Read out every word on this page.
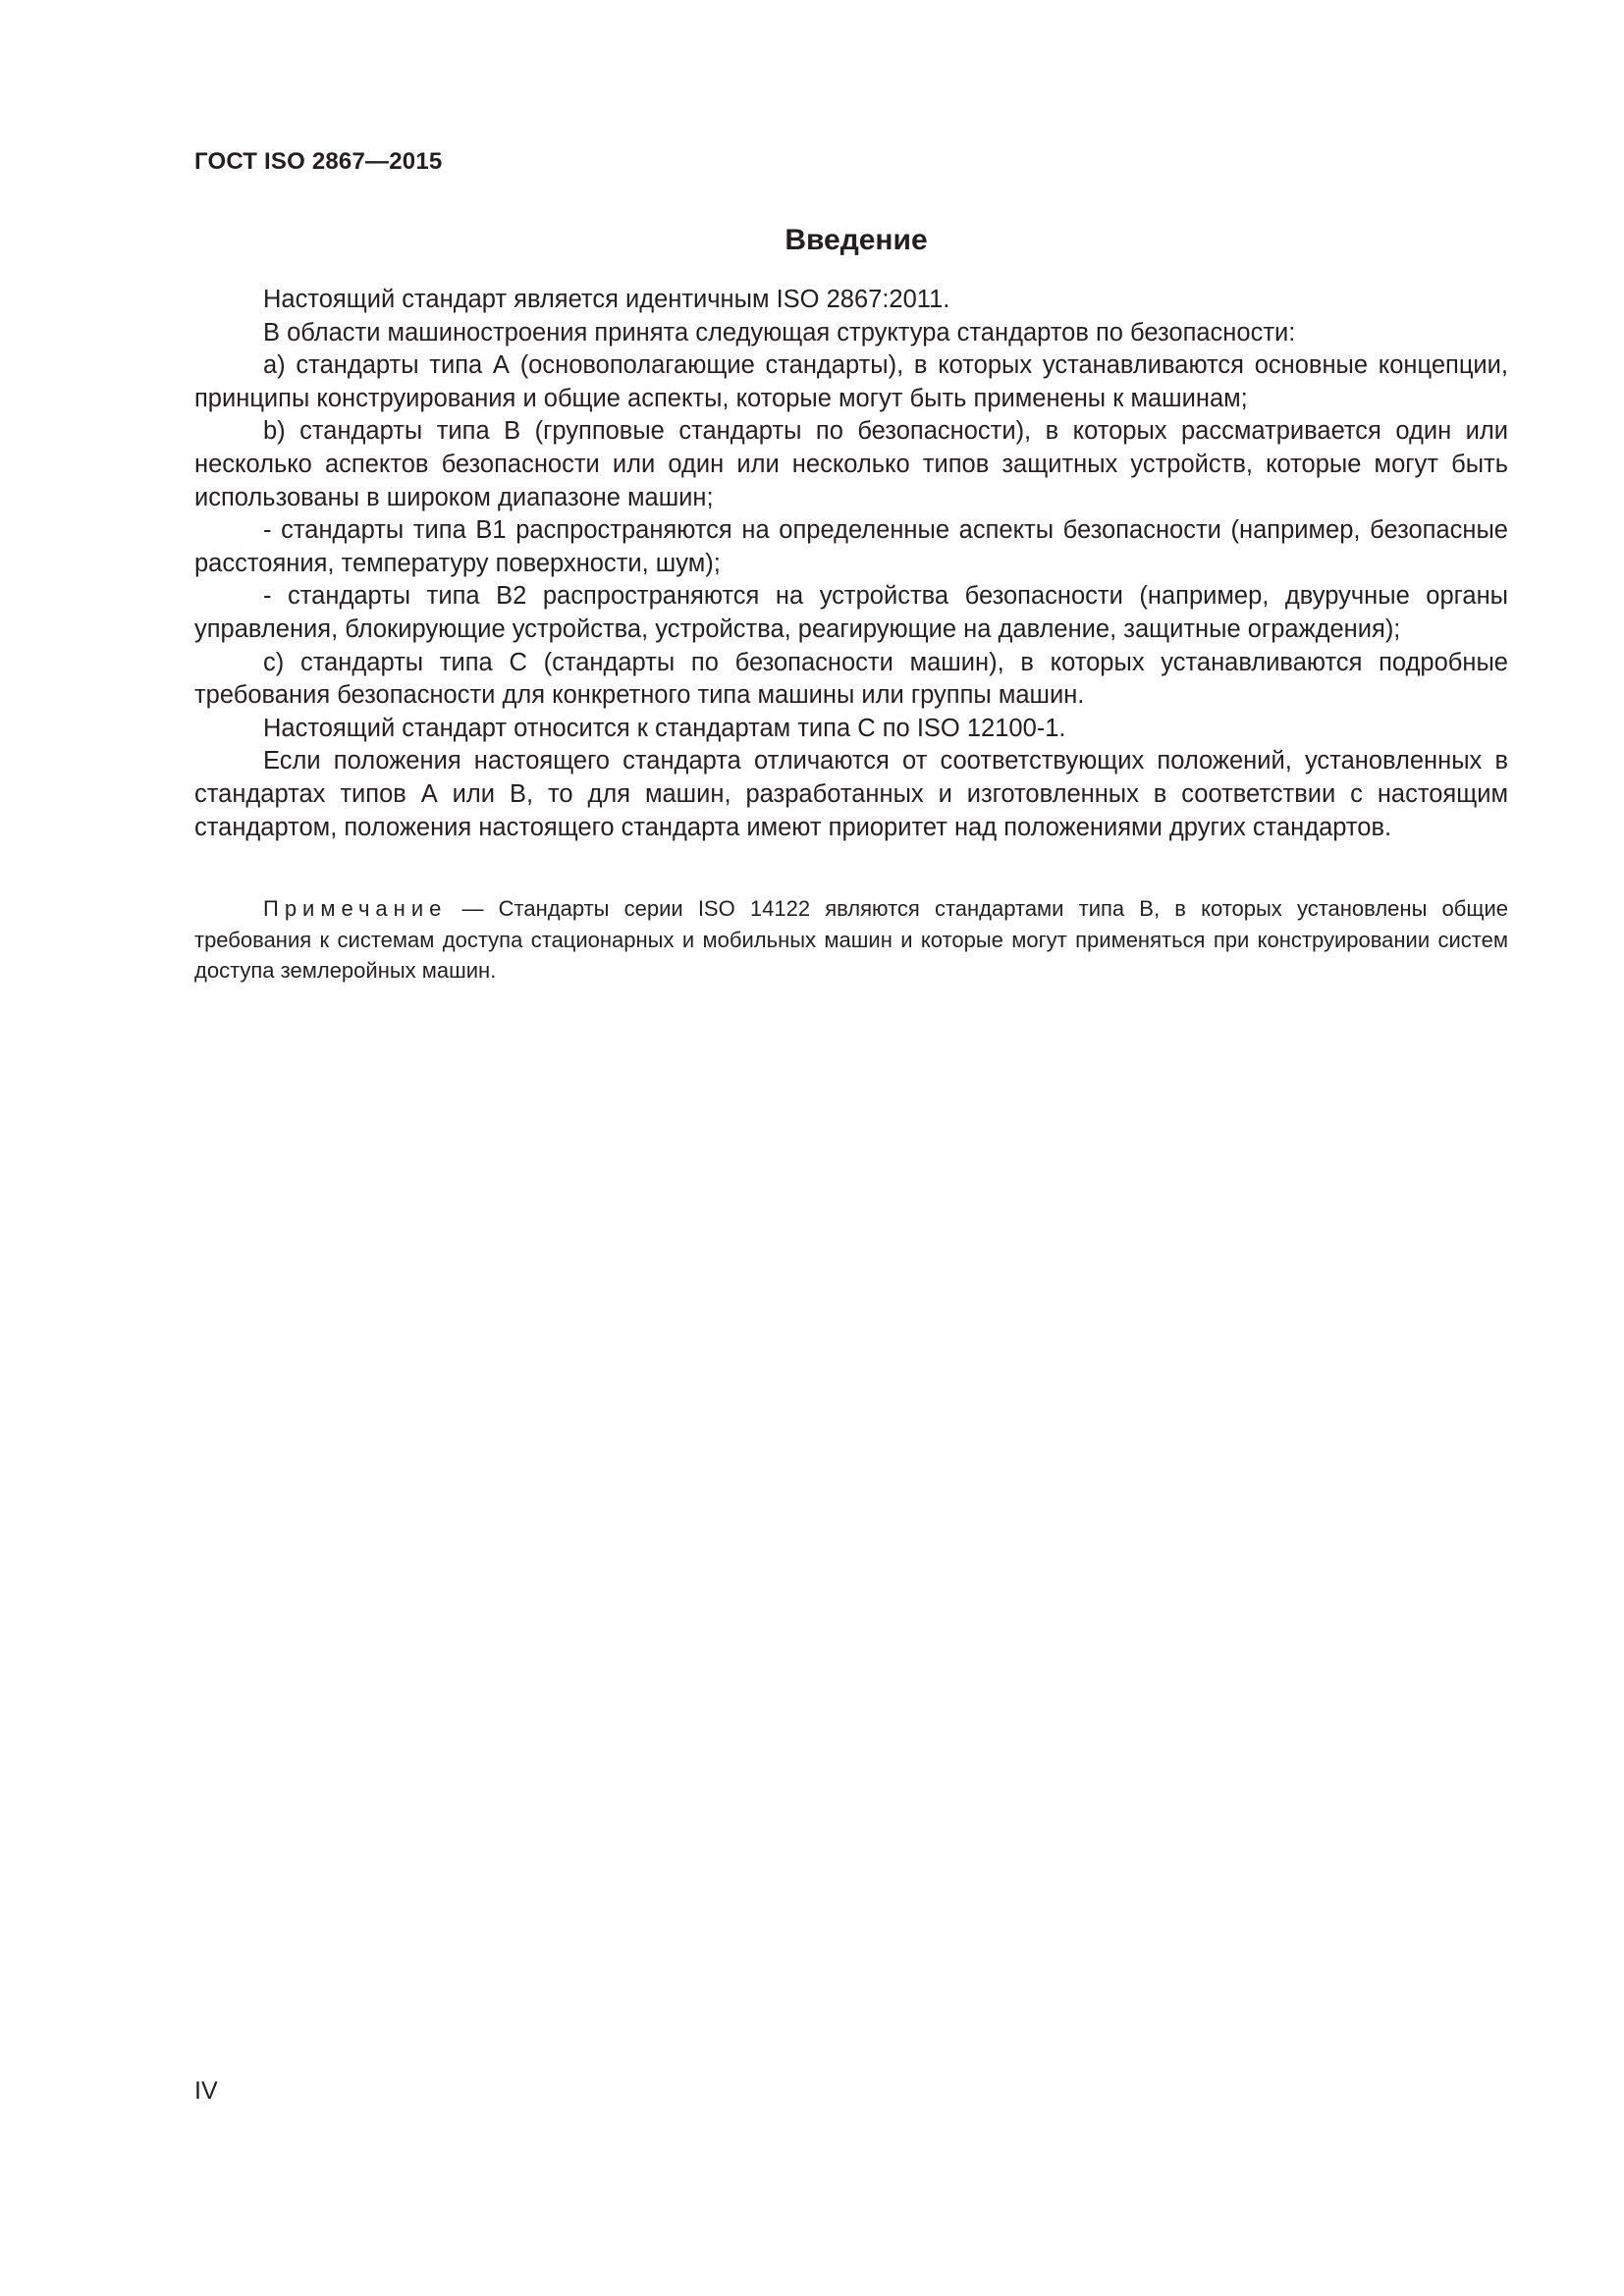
ГОСТ ISO 2867—2015
Введение

Настоящий стандарт является идентичным ISO 2867:2011.

В области машиностроения принята следующая структура стандартов по безопасности:

a) стандарты типа А (основополагающие стандарты), в которых устанавливаются основные концепции, принципы конструирования и общие аспекты, которые могут быть применены к машинам;

b) стандарты типа В (групповые стандарты по безопасности), в которых рассматривается один или несколько аспектов безопасности или один или несколько типов защитных устройств, которые могут быть использованы в широком диапазоне машин;

- стандарты типа В1 распространяются на определенные аспекты безопасности (например, безопасные расстояния, температуру поверхности, шум);

- стандарты типа В2 распространяются на устройства безопасности (например, двуручные органы управления, блокирующие устройства, устройства, реагирующие на давление, защитные ограждения);

c) стандарты типа С (стандарты по безопасности машин), в которых устанавливаются подробные требования безопасности для конкретного типа машины или группы машин.

Настоящий стандарт относится к стандартам типа С по ISO 12100-1.

Если положения настоящего стандарта отличаются от соответствующих положений, установленных в стандартах типов А или В, то для машин, разработанных и изготовленных в соответствии с настоящим стандартом, положения настоящего стандарта имеют приоритет над положениями других стандартов.

Примечание — Стандарты серии ISO 14122 являются стандартами типа В, в которых установлены общие требования к системам доступа стационарных и мобильных машин и которые могут применяться при конструировании систем доступа землеройных машин.

IV
